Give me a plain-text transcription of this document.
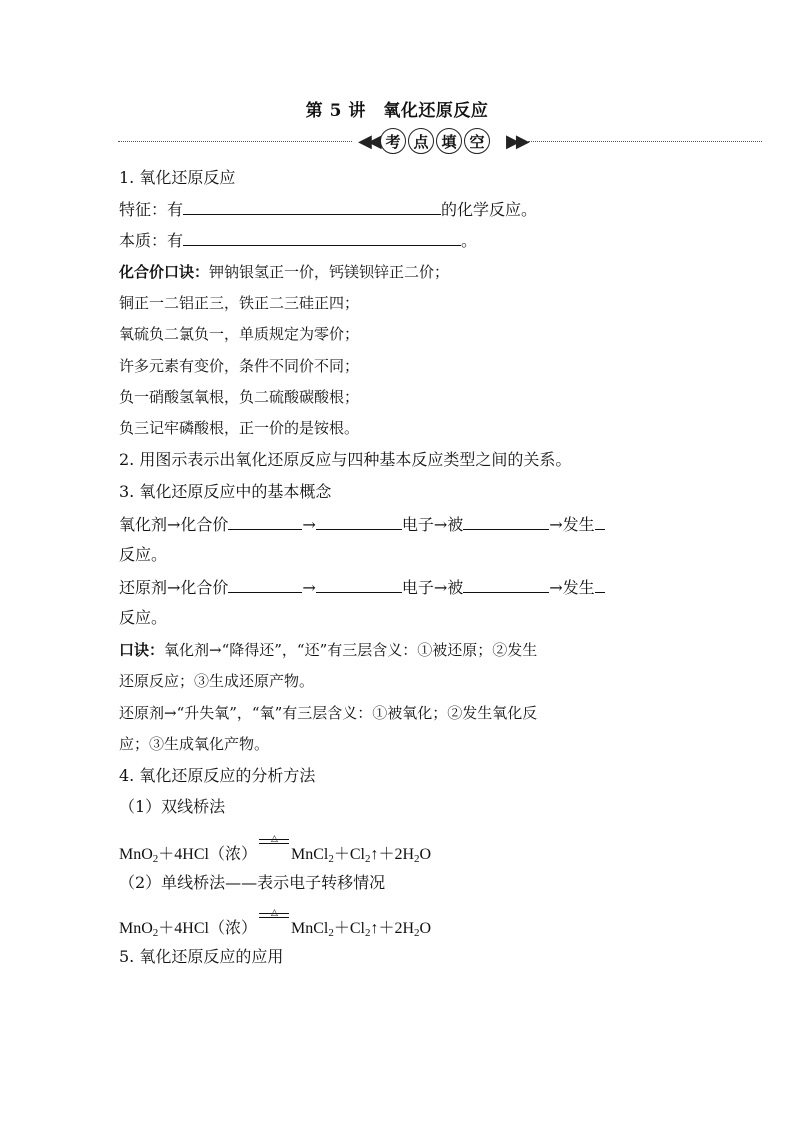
第 5 讲　氧化还原反应
◀◀ 考 点 填 空	▶▶
1. 氧化还原反应
特征：有	的化学反应。
本质：有	。
化合价口诀：钾钠银氢正一价，钙镁钡锌正二价；
铜正一二铝正三，铁正二三硅正四；
氧硫负二氯负一，单质规定为零价；
许多元素有变价，条件不同价不同；
负一硝酸氢氧根，负二硫酸碳酸根；
负三记牢磷酸根，正一价的是铵根。
2. 用图示表示出氧化还原反应与四种基本反应类型之间的关系。
3. 氧化还原反应中的基本概念
氧化剂→化合价	→	电子→被	→发生
反应。
还原剂→化合价	→	电子→被	→发生
反应。
口诀：氧化剂→“降得还”，“还”有三层含义：①被还原；②发生
还原反应；③生成还原产物。
还原剂→“升失氧”，“氧”有三层含义：①被氧化；②发生氧化反
应；③生成氧化产物。
4. 氧化还原反应的分析方法
（1）双线桥法
MnO$_2$＋4HCl（浓）
△
$MnCl_2+Cl_2↑+2H_2O$
（2）单线桥法——表示电子转移情况
MnO$_2$＋4HCl（浓）
△
$MnCl_2+Cl_2↑+2H_2O$
5. 氧化还原反应的应用
